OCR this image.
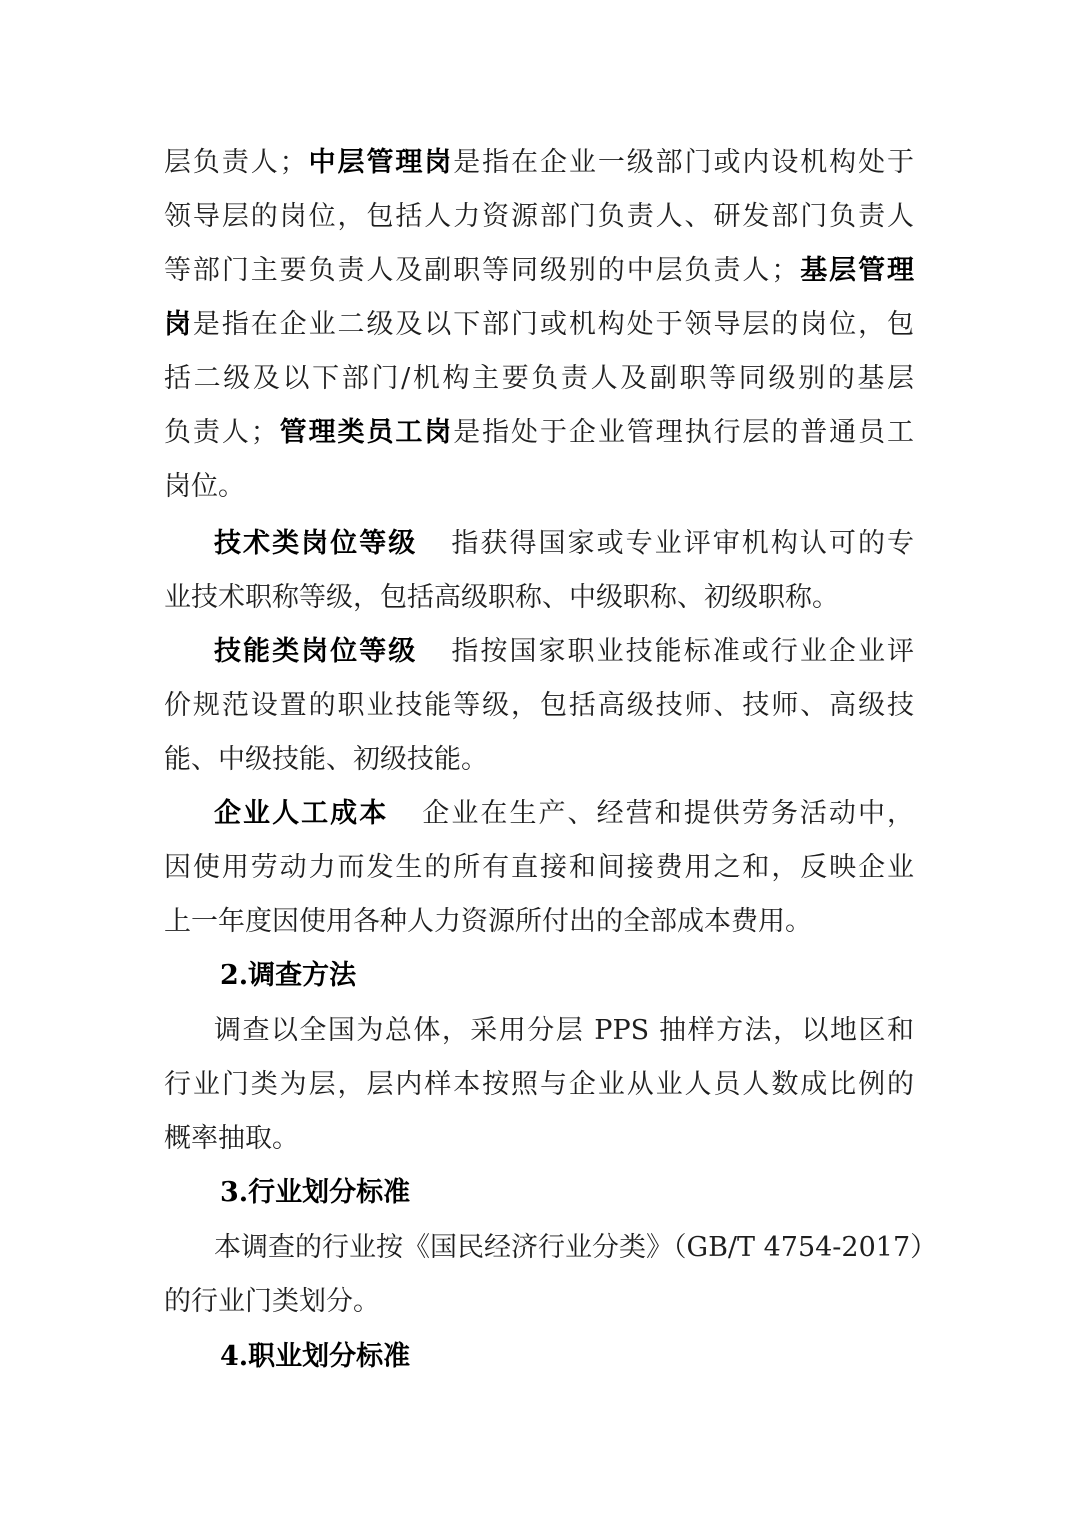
层负责人；中层管理岗是指在企业一级部门或内设机构处于
领导层的岗位，包括人力资源部门负责人、研发部门负责人
等部门主要负责人及副职等同级别的中层负责人；基层管理
岗是指在企业二级及以下部门或机构处于领导层的岗位，包
括二级及以下部门/机构主要负责人及副职等同级别的基层
负责人；管理类员工岗是指处于企业管理执行层的普通员工
岗位。
技术类岗位等级 指获得国家或专业评审机构认可的专
业技术职称等级，包括高级职称、中级职称、初级职称。
技能类岗位等级 指按国家职业技能标准或行业企业评
价规范设置的职业技能等级，包括高级技师、技师、高级技
能、中级技能、初级技能。
企业人工成本 企业在生产、经营和提供劳务活动中，
因使用劳动力而发生的所有直接和间接费用之和，反映企业
上一年度因使用各种人力资源所付出的全部成本费用。
2.调查方法
调查以全国为总体，采用分层 PPS 抽样方法，以地区和
行业门类为层，层内样本按照与企业从业人员人数成比例的
概率抽取。
3.行业划分标准
本调查的行业按《国民经济行业分类》（GB/T 4754-2017）
的行业门类划分。
4.职业划分标准
